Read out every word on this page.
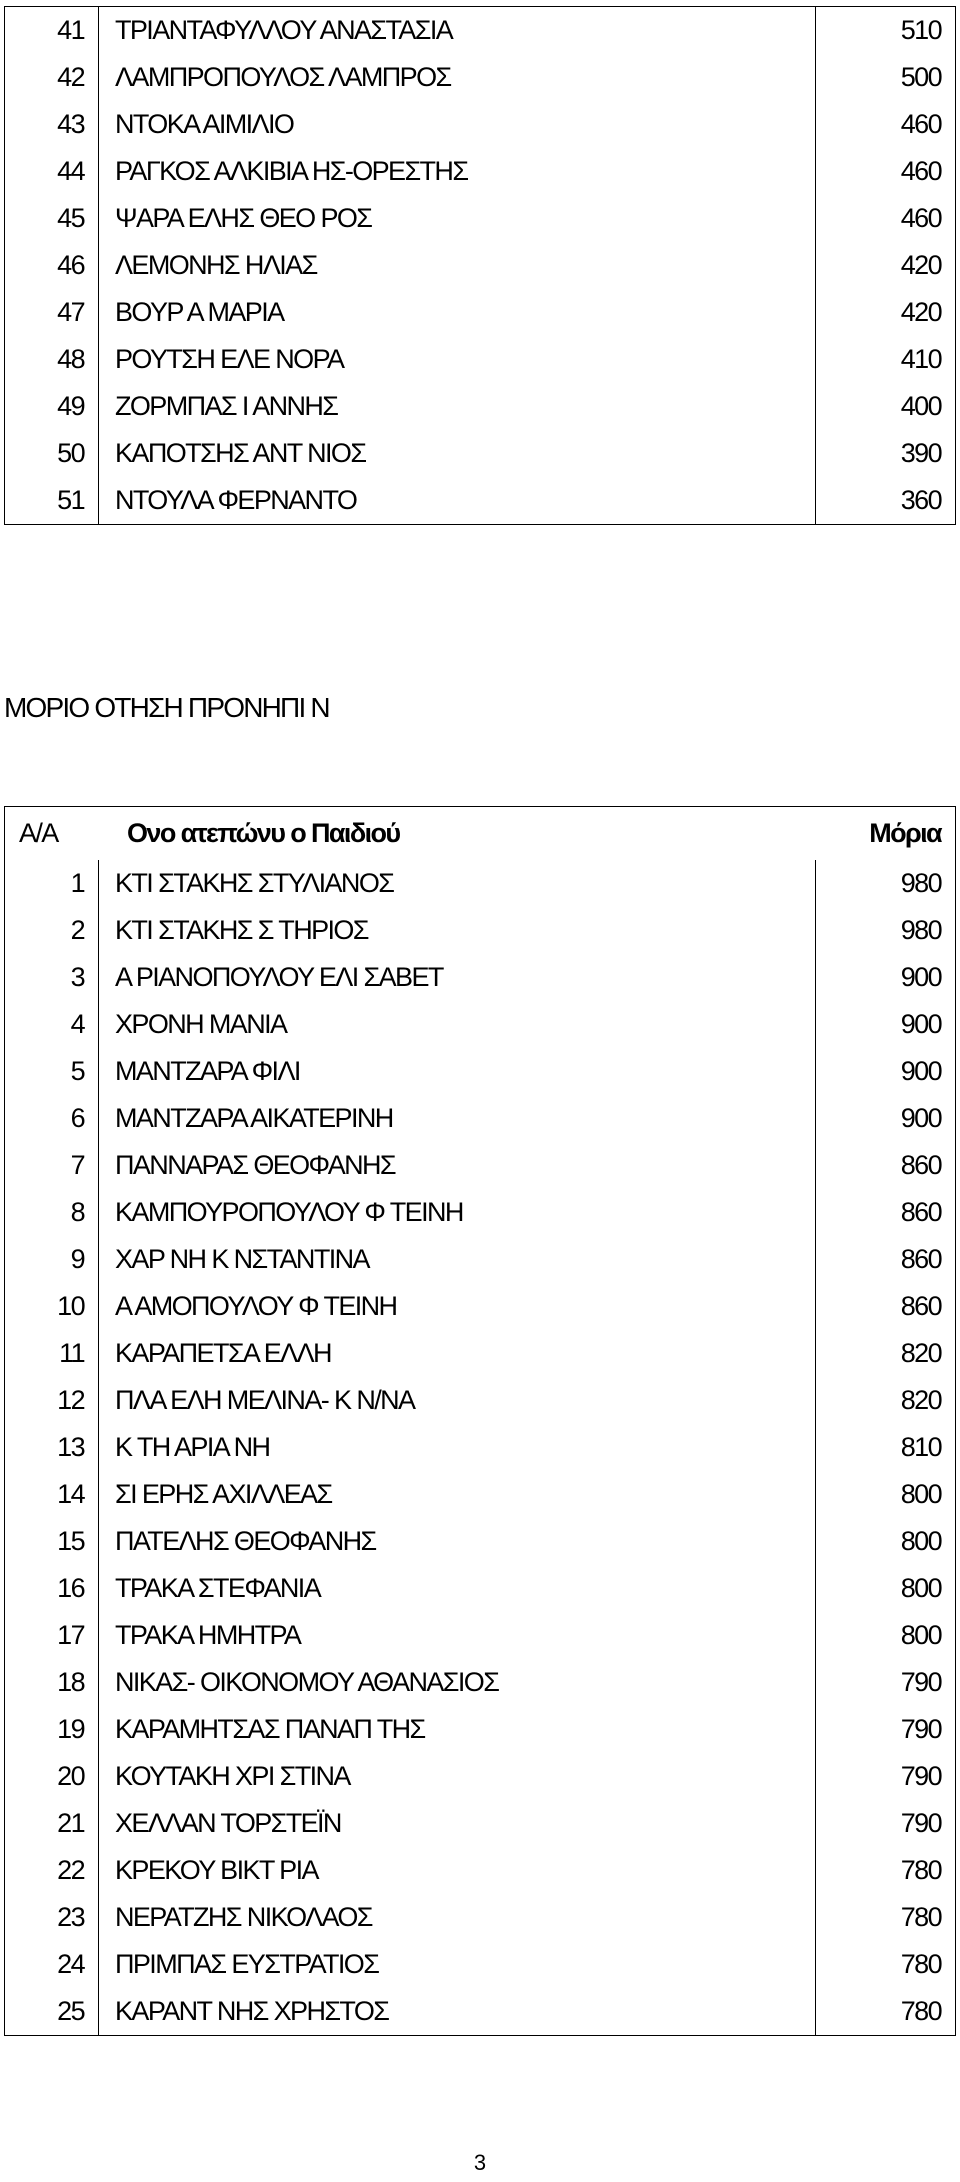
41	ΤΡΙΑΝΤΑΦΥΛΛΟΥ ΑΝΑΣΤΑΣΙΑ	510
42	ΛΑΜΠΡΟΠΟΥΛΟΣ ΛΑΜΠΡΟΣ	500
43	ΝΤΟΚΑ ΑΙΜΙΛΙΟ	460
44	ΡΑΓΚΟΣ ΑΛΚΙΒΙΑ ΗΣ-ΟΡΕΣΤΗΣ	460
45	ΨΑΡΑ ΕΛΗΣ ΘΕΟ ΡΟΣ	460
46	ΛΕΜΟΝΗΣ ΗΛΙΑΣ	420
47	ΒΟΥΡ Α ΜΑΡΙΑ	420
48	ΡΟΥΤΣΗ ΕΛΕ ΝΟΡΑ	410
49	ΖΟΡΜΠΑΣ Ι ΑΝΝΗΣ	400
50	ΚΑΠΟΤΣΗΣ ΑΝΤ ΝΙΟΣ	390
51	ΝΤΟΥΛΑ ΦΕΡΝΑΝΤΟ	360
ΜΟΡΙΟ ΟΤΗΣΗ ΠΡΟΝΗΠΙ Ν
Α/Α	Ονο ατεπώνυ ο Παιδιού	Μόρια
1	ΚΤΙ ΣΤΑΚΗΣ ΣΤΥΛΙΑΝΟΣ	980
2	ΚΤΙ ΣΤΑΚΗΣ Σ ΤΗΡΙΟΣ	980
3	Α ΡΙΑΝΟΠΟΥΛΟΥ ΕΛΙ ΣΑΒΕΤ	900
4	ΧΡΟΝΗ ΜΑΝΙΑ	900
5	ΜΑΝΤΖΑΡΑ ΦΙΛΙ	900
6	ΜΑΝΤΖΑΡΑ ΑΙΚΑΤΕΡΙΝΗ	900
7	ΠΑΝΝΑΡΑΣ ΘΕΟΦΑΝΗΣ	860
8	ΚΑΜΠΟΥΡΟΠΟΥΛΟΥ Φ ΤΕΙΝΗ	860
9	ΧΑΡ ΝΗ Κ ΝΣΤΑΝΤΙΝΑ	860
10	Α ΑΜΟΠΟΥΛΟΥ Φ ΤΕΙΝΗ	860
11	ΚΑΡΑΠΕΤΣΑ ΕΛΛΗ	820
12	ΠΛΑ ΕΛΗ ΜΕΛΙΝΑ- Κ Ν/ΝΑ	820
13	Κ ΤΗ ΑΡΙΑ ΝΗ	810
14	ΣΙ ΕΡΗΣ ΑΧΙΛΛΕΑΣ	800
15	ΠΑΤΕΛΗΣ ΘΕΟΦΑΝΗΣ	800
16	ΤΡΑΚΑ ΣΤΕΦΑΝΙΑ	800
17	ΤΡΑΚΑ ΗΜΗΤΡΑ	800
18	ΝΙΚΑΣ- ΟΙΚΟΝΟΜΟΥ ΑΘΑΝΑΣΙΟΣ	790
19	ΚΑΡΑΜΗΤΣΑΣ ΠΑΝΑΠ ΤΗΣ	790
20	ΚΟΥΤΑΚΗ ΧΡΙ ΣΤΙΝΑ	790
21	ΧΕΛΛΑΝ ΤΟΡΣΤΕΪΝ	790
22	ΚΡΕΚΟΥ ΒΙΚΤ ΡΙΑ	780
23	ΝΕΡΑΤΖΗΣ ΝΙΚΟΛΑΟΣ	780
24	ΠΡΙΜΠΑΣ ΕΥΣΤΡΑΤΙΟΣ	780
25	ΚΑΡΑΝΤ ΝΗΣ ΧΡΗΣΤΟΣ	780
3
